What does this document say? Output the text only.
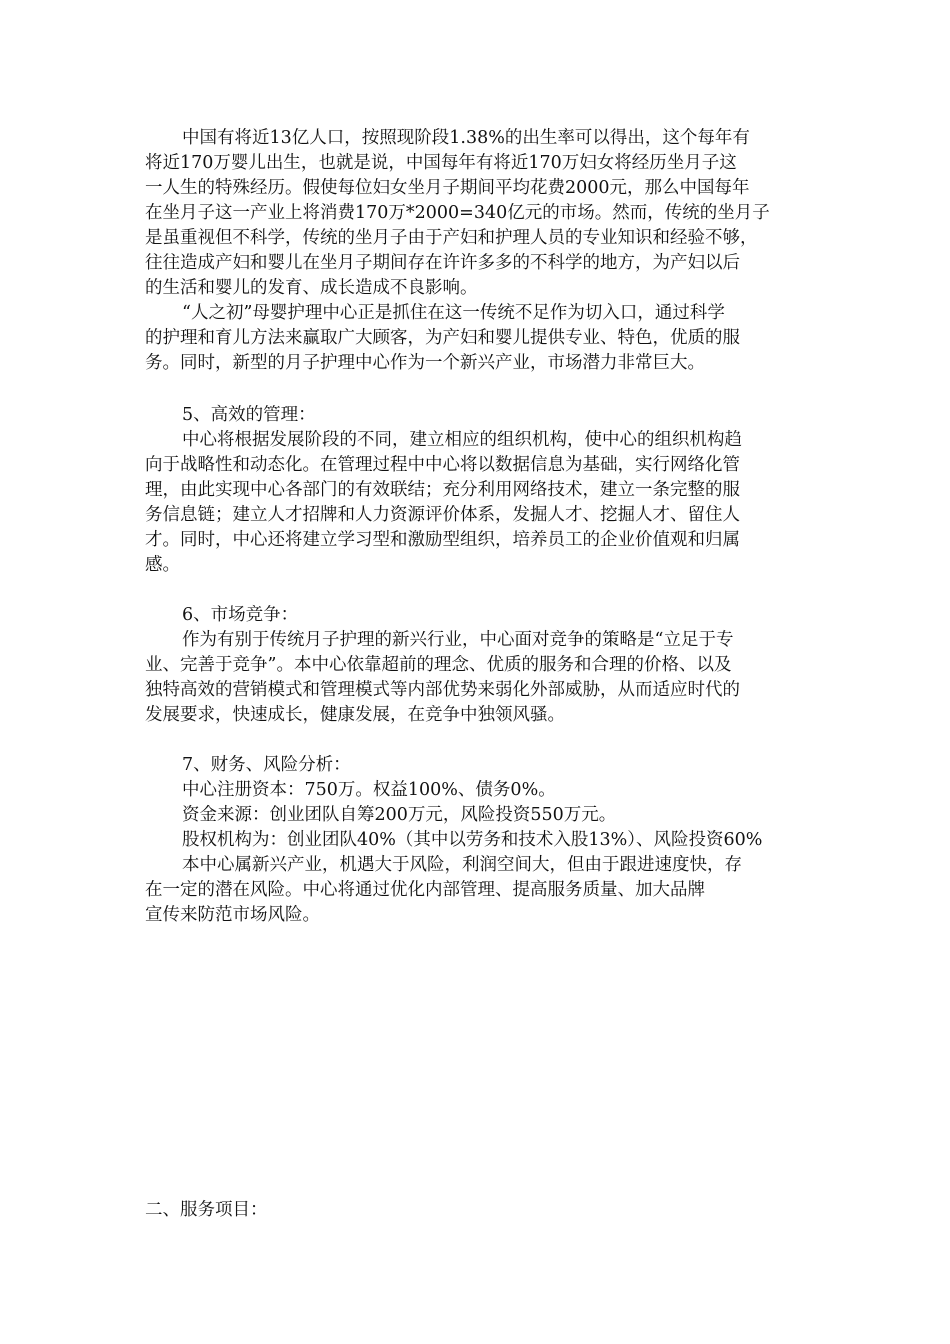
中国有将近13亿人口，按照现阶段1.38%的出生率可以得出，这个每年有
将近170万婴儿出生，也就是说，中国每年有将近170万妇女将经历坐月子这
一人生的特殊经历。假使每位妇女坐月子期间平均花费2000元，那么中国每年
在坐月子这一产业上将消费170万*2000=340亿元的市场。然而，传统的坐月子
是虽重视但不科学，传统的坐月子由于产妇和护理人员的专业知识和经验不够，
往往造成产妇和婴儿在坐月子期间存在许许多多的不科学的地方，为产妇以后
的生活和婴儿的发育、成长造成不良影响。
“人之初”母婴护理中心正是抓住在这一传统不足作为切入口，通过科学
的护理和育儿方法来赢取广大顾客，为产妇和婴儿提供专业、特色，优质的服
务。同时，新型的月子护理中心作为一个新兴产业，市场潜力非常巨大。
5、高效的管理：
中心将根据发展阶段的不同，建立相应的组织机构，使中心的组织机构趋
向于战略性和动态化。在管理过程中中心将以数据信息为基础，实行网络化管
理，由此实现中心各部门的有效联结；充分利用网络技术，建立一条完整的服
务信息链；建立人才招牌和人力资源评价体系，发掘人才、挖掘人才、留住人
才。同时，中心还将建立学习型和激励型组织，培养员工的企业价值观和归属
感。
6、市场竞争：
作为有别于传统月子护理的新兴行业，中心面对竞争的策略是“立足于专
业、完善于竞争”。本中心依靠超前的理念、优质的服务和合理的价格、以及
独特高效的营销模式和管理模式等内部优势来弱化外部威胁，从而适应时代的
发展要求，快速成长，健康发展，在竞争中独领风骚。
7、财务、风险分析：
中心注册资本：750万。权益100%、债务0%。
资金来源：创业团队自筹200万元，风险投资550万元。
股权机构为：创业团队40%（其中以劳务和技术入股13%）、风险投资60%
本中心属新兴产业，机遇大于风险，利润空间大，但由于跟进速度快，存
在一定的潜在风险。中心将通过优化内部管理、提高服务质量、加大品牌
宣传来防范市场风险。
二、服务项目：
